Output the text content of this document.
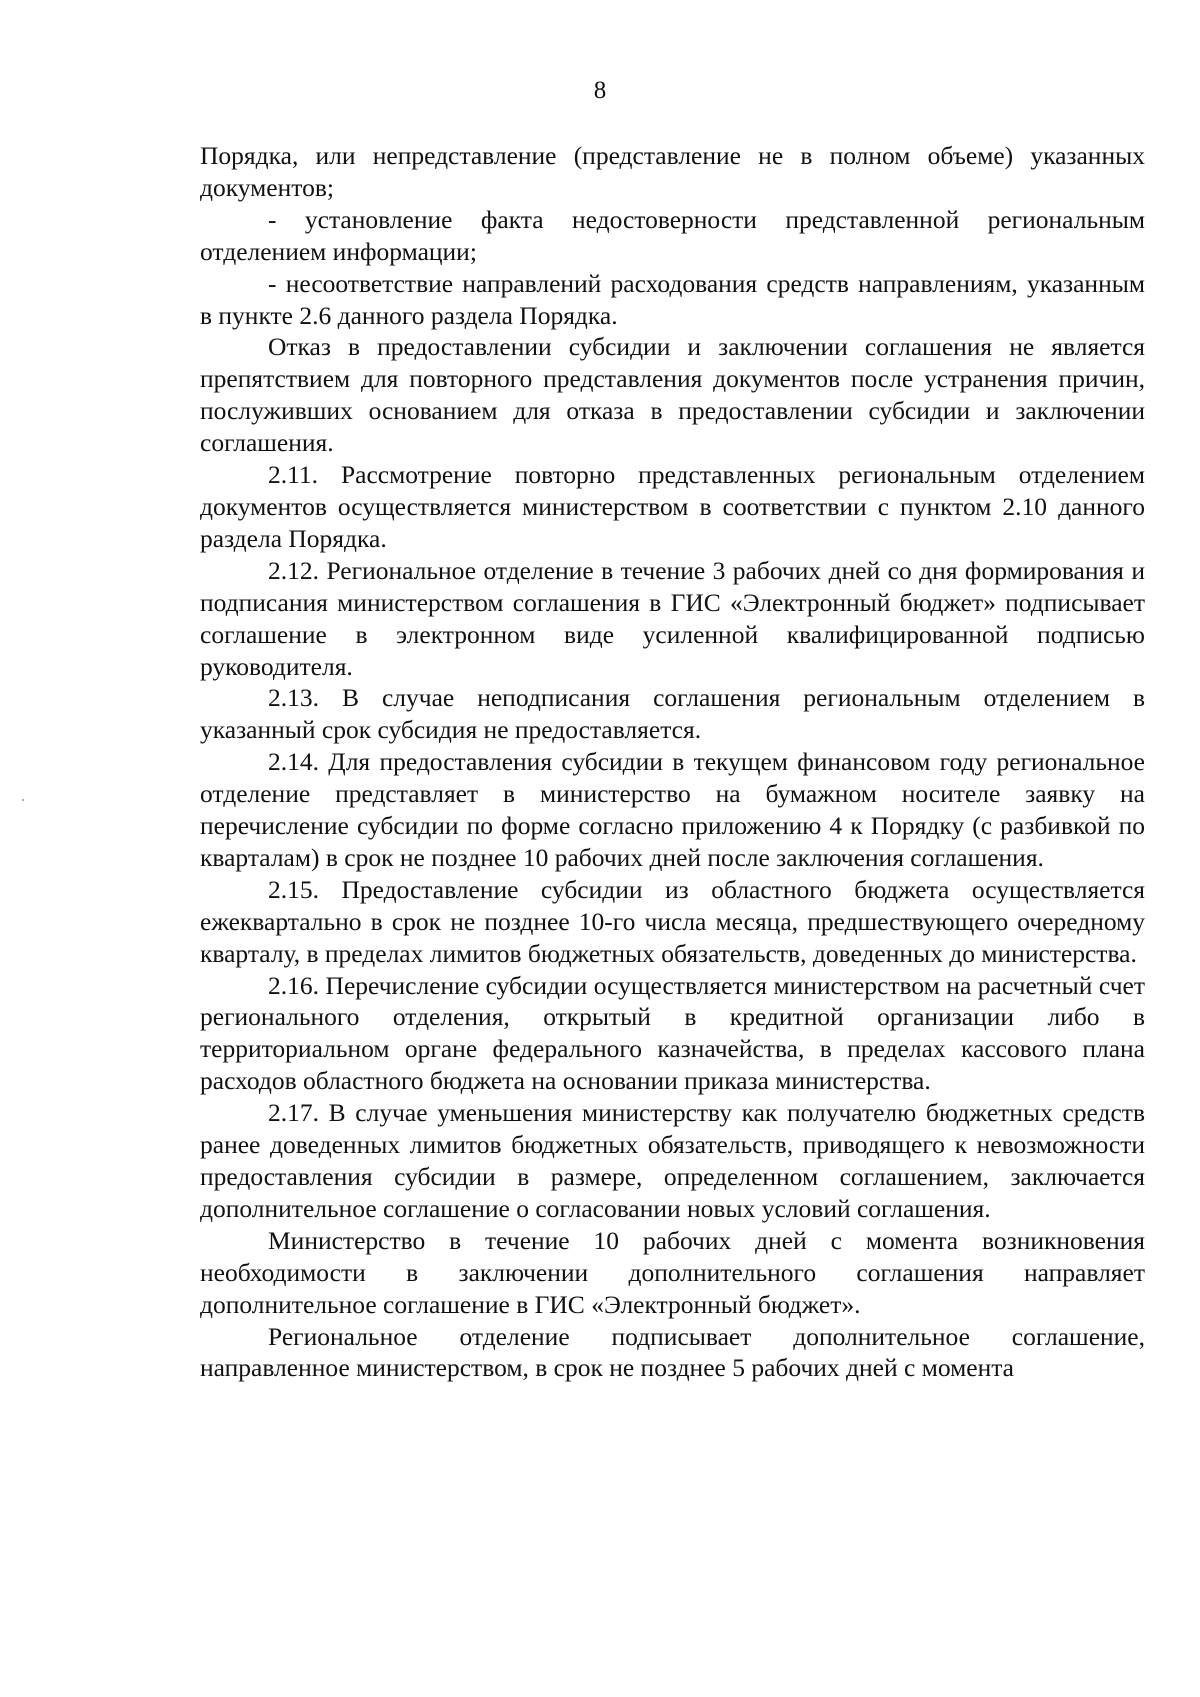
8

Порядка, или непредставление (представление не в полном объеме) указанных документов;

- установление факта недостоверности представленной региональным отделением информации;

- несоответствие направлений расходования средств направлениям, указанным в пункте 2.6 данного раздела Порядка.

Отказ в предоставлении субсидии и заключении соглашения не является препятствием для повторного представления документов после устранения причин, послуживших основанием для отказа в предоставлении субсидии и заключении соглашения.

2.11. Рассмотрение повторно представленных региональным отделением документов осуществляется министерством в соответствии с пунктом 2.10 данного раздела Порядка.

2.12. Региональное отделение в течение 3 рабочих дней со дня формирования и подписания министерством соглашения в ГИС «Электронный бюджет» подписывает соглашение в электронном виде усиленной квалифицированной подписью руководителя.

2.13. В случае неподписания соглашения региональным отделением в указанный срок субсидия не предоставляется.

2.14. Для предоставления субсидии в текущем финансовом году региональное отделение представляет в министерство на бумажном носителе заявку на перечисление субсидии по форме согласно приложению 4 к Порядку (с разбивкой по кварталам) в срок не позднее 10 рабочих дней после заключения соглашения.

2.15. Предоставление субсидии из областного бюджета осуществляется ежеквартально в срок не позднее 10-го числа месяца, предшествующего очередному кварталу, в пределах лимитов бюджетных обязательств, доведенных до министерства.

2.16. Перечисление субсидии осуществляется министерством на расчетный счет регионального отделения, открытый в кредитной организации либо в территориальном органе федерального казначейства, в пределах кассового плана расходов областного бюджета на основании приказа министерства.

2.17. В случае уменьшения министерству как получателю бюджетных средств ранее доведенных лимитов бюджетных обязательств, приводящего к невозможности предоставления субсидии в размере, определенном соглашением, заключается дополнительное соглашение о согласовании новых условий соглашения.

Министерство в течение 10 рабочих дней с момента возникновения необходимости в заключении дополнительного соглашения направляет дополнительное соглашение в ГИС «Электронный бюджет».

Региональное отделение подписывает дополнительное соглашение, направленное министерством, в срок не позднее 5 рабочих дней с момента
